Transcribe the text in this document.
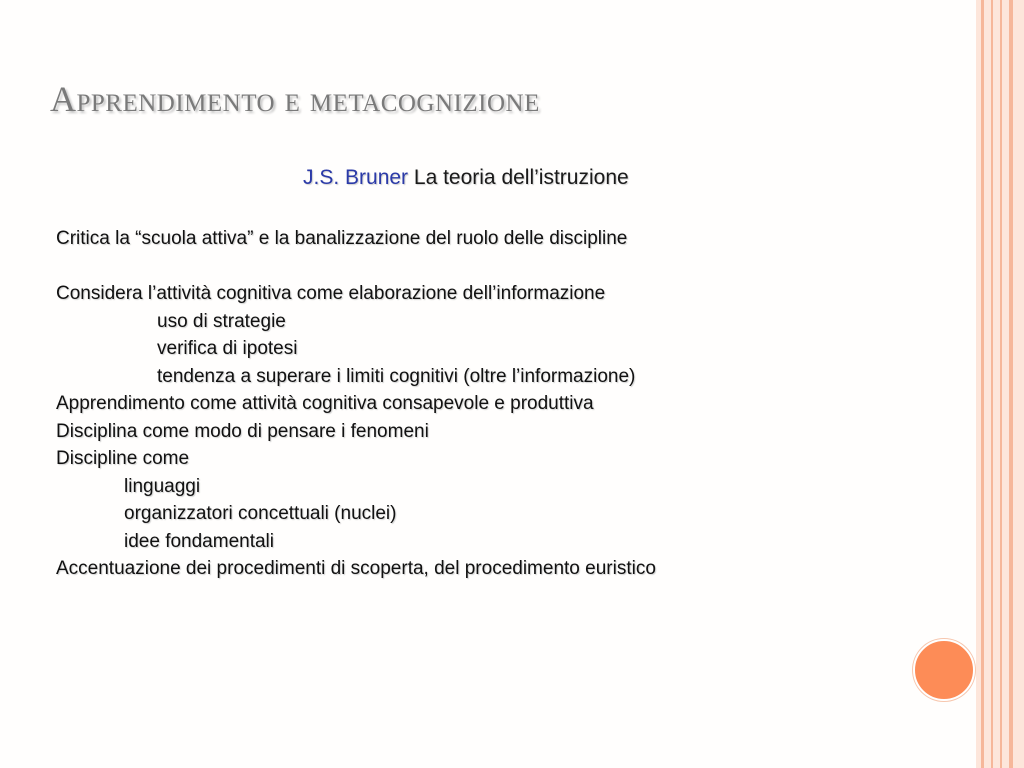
Apprendimento e metacognizione
J.S. Bruner La teoria dell’istruzione
Critica la “scuola attiva” e la banalizzazione del ruolo delle discipline
Considera l’attività cognitiva come elaborazione dell’informazione
uso di strategie
verifica di ipotesi
tendenza a superare i limiti cognitivi (oltre l’informazione)
Apprendimento come attività cognitiva consapevole e produttiva
Disciplina come modo di pensare i fenomeni
Discipline come
linguaggi
organizzatori concettuali (nuclei)
idee fondamentali
Accentuazione dei procedimenti di scoperta, del procedimento euristico
